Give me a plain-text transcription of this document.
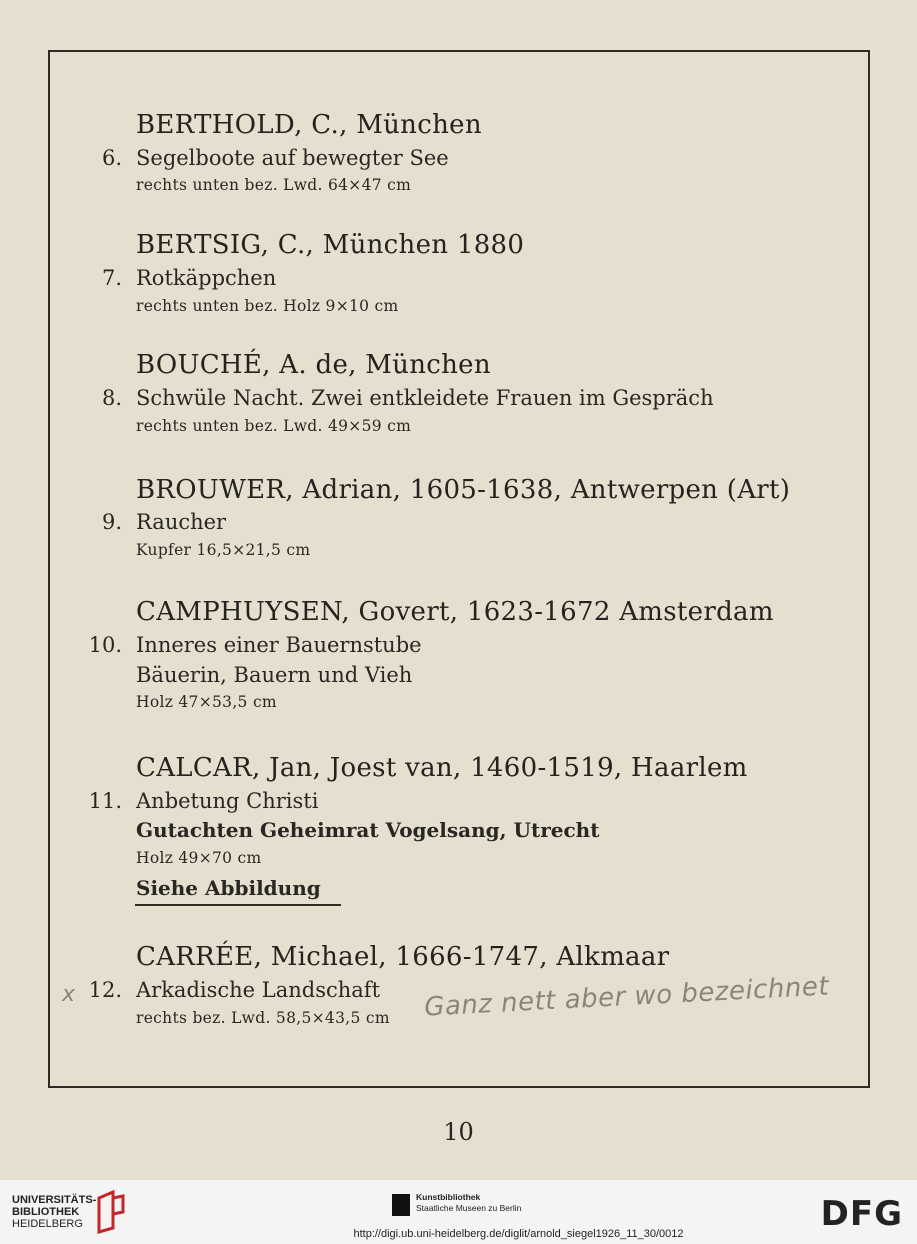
BERTHOLD, C., München
6. Segelboote auf bewegter See
rechts unten bez. Lwd. 64×47 cm
BERTSIG, C., München 1880
7. Rotkäppchen
rechts unten bez. Holz 9×10 cm
BOUCHÉ, A. de, München
8. Schwüle Nacht. Zwei entkleidete Frauen im Gespräch
rechts unten bez. Lwd. 49×59 cm
BROUWER, Adrian, 1605-1638, Antwerpen (Art)
9. Raucher
Kupfer 16,5×21,5 cm
CAMPHUYSEN, Govert, 1623-1672 Amsterdam
10. Inneres einer Bauernstube
Bäuerin, Bauern und Vieh
Holz 47×53,5 cm
CALCAR, Jan, Joest van, 1460-1519, Haarlem
11. Anbetung Christi
Gutachten Geheimrat Vogelsang, Utrecht
Holz 49×70 cm
Siehe Abbildung
CARRÉE, Michael, 1666-1747, Alkmaar
12. Arkadische Landschaft
rechts bez. Lwd. 58,5×43,5 cm
x	Ganz nett aber wo bezeichnet
10
UNIVERSITÄTS-
BIBLIOTHEK
HEIDELBERG
Kunstbibliothek
Staatliche Museen zu Berlin	DFG
http://digi.ub.uni-heidelberg.de/diglit/arnold_siegel1926_11_30/0012
